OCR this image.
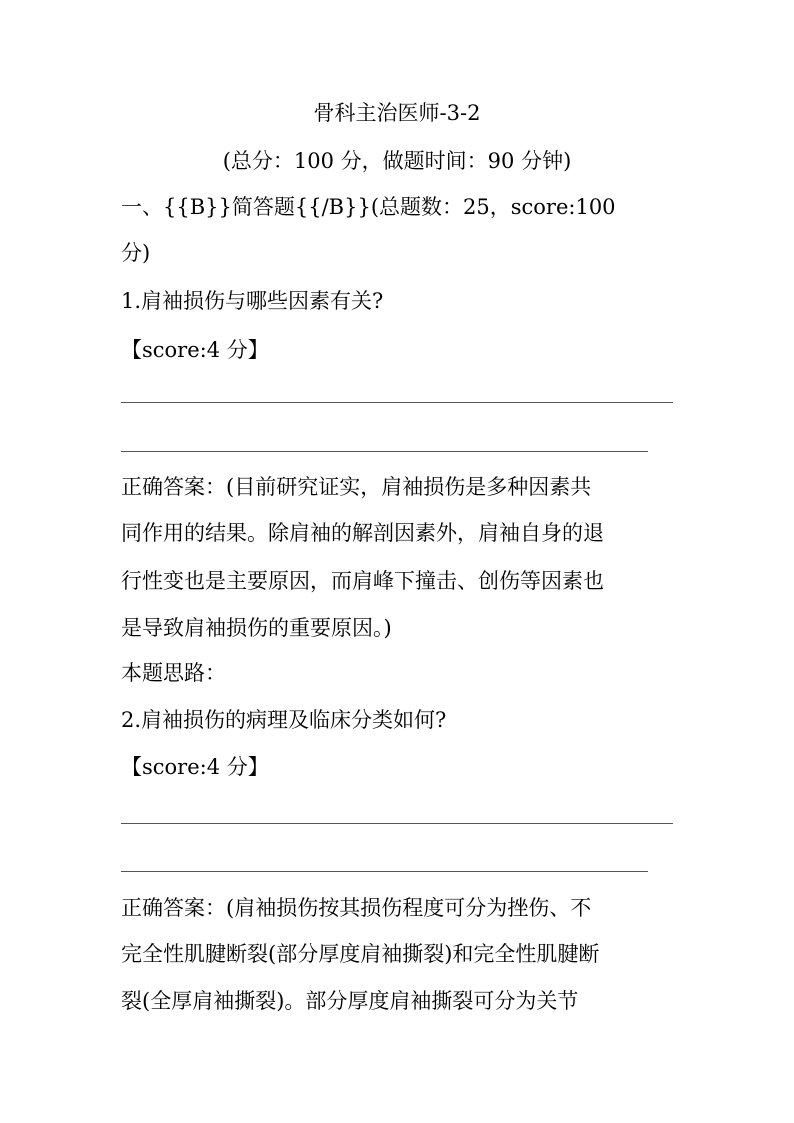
骨科主治医师-3-2
(总分：100 分，做题时间：90 分钟)
一、{{B}}简答题{{/B}}(总题数：25，score:100
分)
1.肩袖损伤与哪些因素有关?
【score:4 分】
正确答案：(目前研究证实，肩袖损伤是多种因素共
同作用的结果。除肩袖的解剖因素外，肩袖自身的退
行性变也是主要原因，而肩峰下撞击、创伤等因素也
是导致肩袖损伤的重要原因。)
本题思路：
2.肩袖损伤的病理及临床分类如何?
【score:4 分】
正确答案：(肩袖损伤按其损伤程度可分为挫伤、不
完全性肌腱断裂(部分厚度肩袖撕裂)和完全性肌腱断
裂(全厚肩袖撕裂)。部分厚度肩袖撕裂可分为关节
